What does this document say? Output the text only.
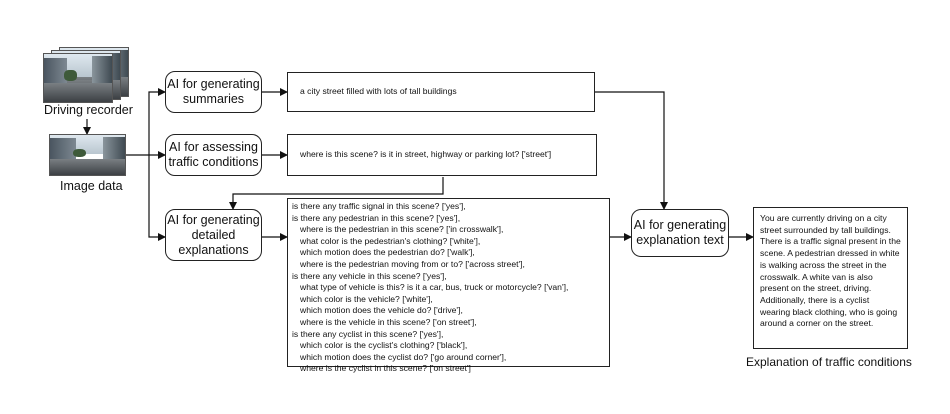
Driving recorder
Image data
AI for generating
summaries
AI for assessing
traffic conditions
AI for generating
detailed
explanations
AI for generating
explanation text
a city street filled with lots of tall buildings
where is this scene? is it in street, highway or parking lot? ['street']
is there any traffic signal in this scene? ['yes'],
is there any pedestrian in this scene? ['yes'],
where is the pedestrian in this scene? ['in crosswalk'],
what color is the pedestrian's clothing? ['white'],
which motion does the pedestrian do? ['walk'],
where is the pedestrian moving from or to? ['across street'],
is there any vehicle in this scene? ['yes'],
what type of vehicle is this? is it a car, bus, truck or motorcycle? ['van'],
which color is the vehicle? ['white'],
which motion does the vehicle do? ['drive'],
where is the vehicle in this scene? ['on street'],
is there any cyclist in this scene? ['yes'],
which color is the cyclist's clothing? ['black'],
which motion does the cyclist do? ['go around corner'],
where is the cyclist in this scene? ['on street']
You are currently driving on a city street surrounded by tall buildings. There is a traffic signal present in the scene. A pedestrian dressed in white is walking across the street in the crosswalk. A white van is also present on the street, driving. Additionally, there is a cyclist wearing black clothing, who is going around a corner on the street.
Explanation of traffic conditions
